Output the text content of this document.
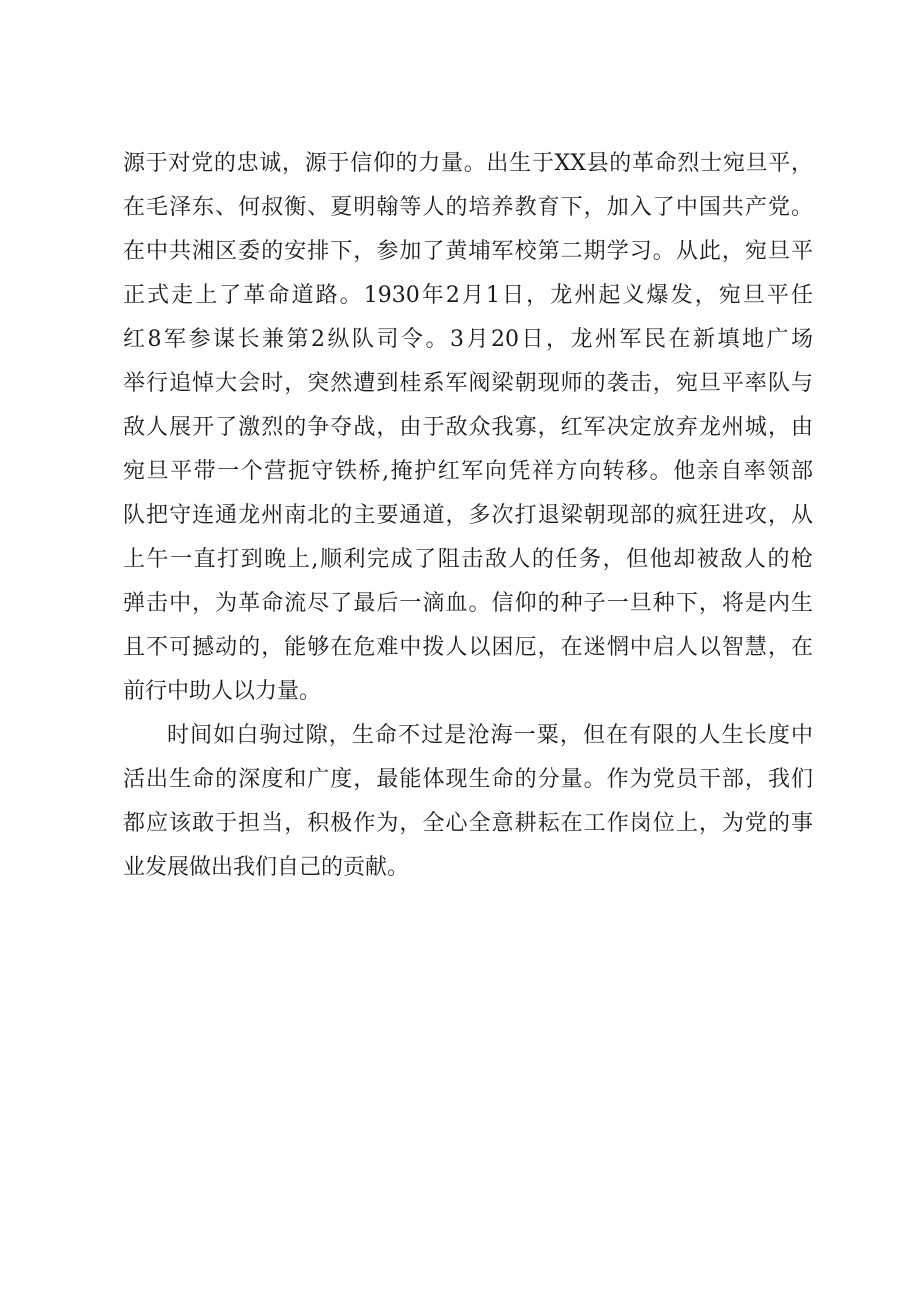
源于对党的忠诚，源于信仰的力量。出生于XX县的革命烈士宛旦平，
在毛泽东、何叔衡、夏明翰等人的培养教育下，加入了中国共产党。
在中共湘区委的安排下，参加了黄埔军校第二期学习。从此，宛旦平
正式走上了革命道路。1930年2月1日，龙州起义爆发，宛旦平任
红8军参谋长兼第2纵队司令。3月20日，龙州军民在新填地广场
举行追悼大会时，突然遭到桂系军阀梁朝现师的袭击，宛旦平率队与
敌人展开了激烈的争夺战，由于敌众我寡，红军决定放弃龙州城，由
宛旦平带一个营扼守铁桥,掩护红军向凭祥方向转移。他亲自率领部
队把守连通龙州南北的主要通道，多次打退梁朝现部的疯狂进攻，从
上午一直打到晚上,顺利完成了阻击敌人的任务，但他却被敌人的枪
弹击中，为革命流尽了最后一滴血。信仰的种子一旦种下，将是内生
且不可撼动的，能够在危难中拨人以困厄，在迷惘中启人以智慧，在
前行中助人以力量。
时间如白驹过隙，生命不过是沧海一粟，但在有限的人生长度中
活出生命的深度和广度，最能体现生命的分量。作为党员干部，我们
都应该敢于担当，积极作为，全心全意耕耘在工作岗位上，为党的事
业发展做出我们自己的贡献。
